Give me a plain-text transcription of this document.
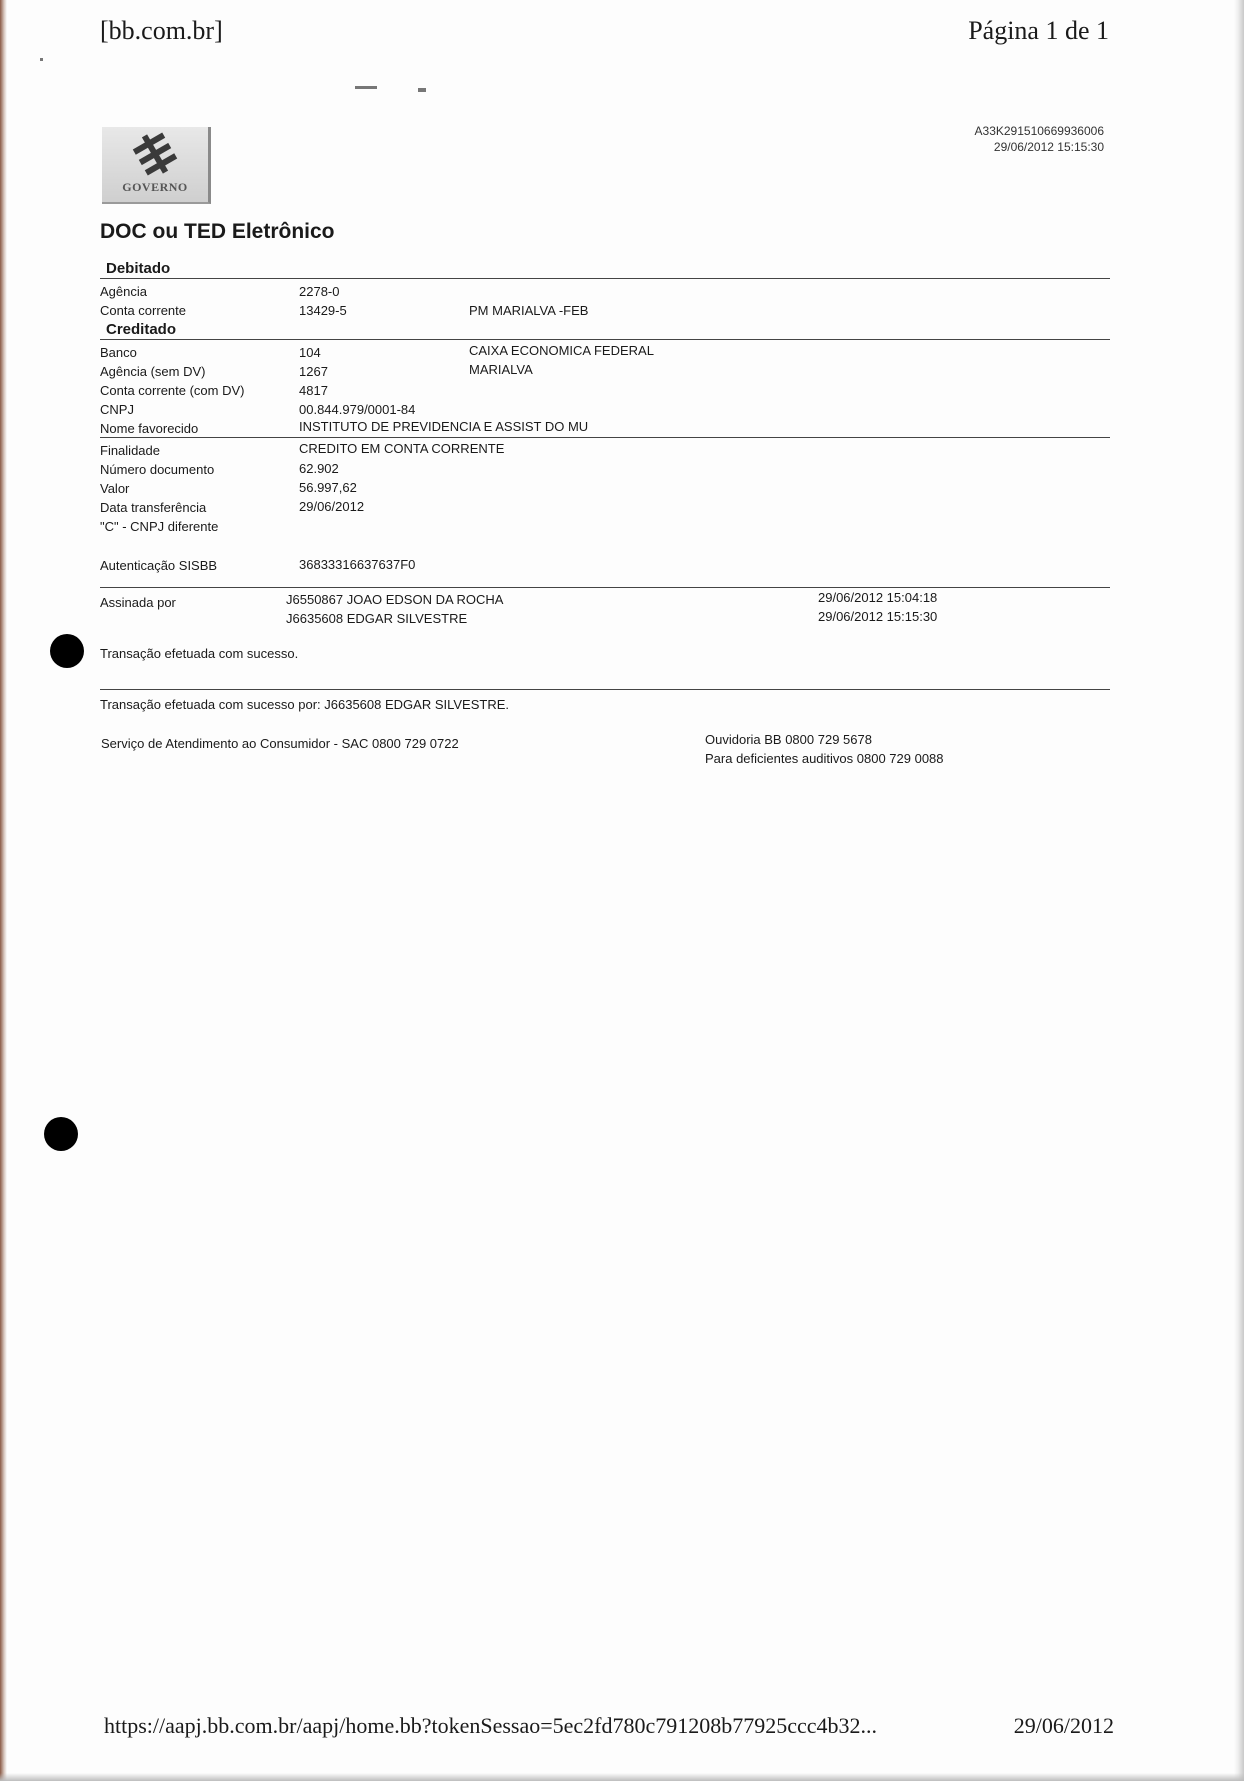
[bb.com.br]	Página 1 de 1
GOVERNO
A33K291510669936006
29/06/2012 15:15:30
DOC ou TED Eletrônico
Debitado
Agência	2278-0
Conta corrente	13429-5	PM MARIALVA -FEB
Creditado
Banco	104	CAIXA ECONOMICA FEDERAL
Agência (sem DV)	1267	MARIALVA
Conta corrente (com DV)	4817
CNPJ	00.844.979/0001-84
Nome favorecido	INSTITUTO DE PREVIDENCIA E ASSIST DO MU
Finalidade	CREDITO EM CONTA CORRENTE
Número documento	62.902
Valor	56.997,62
Data transferência	29/06/2012
"C" - CNPJ diferente
Autenticação SISBB	36833316637637F0
Assinada por	J6550867 JOAO EDSON DA ROCHA	29/06/2012 15:04:18
J6635608 EDGAR SILVESTRE	29/06/2012 15:15:30
Transação efetuada com sucesso.
Transação efetuada com sucesso por: J6635608 EDGAR SILVESTRE.
Serviço de Atendimento ao Consumidor - SAC 0800 729 0722	Ouvidoria BB 0800 729 5678
Para deficientes auditivos 0800 729 0088
https://aapj.bb.com.br/aapj/home.bb?tokenSessao=5ec2fd780c791208b77925ccc4b32...	29/06/2012
